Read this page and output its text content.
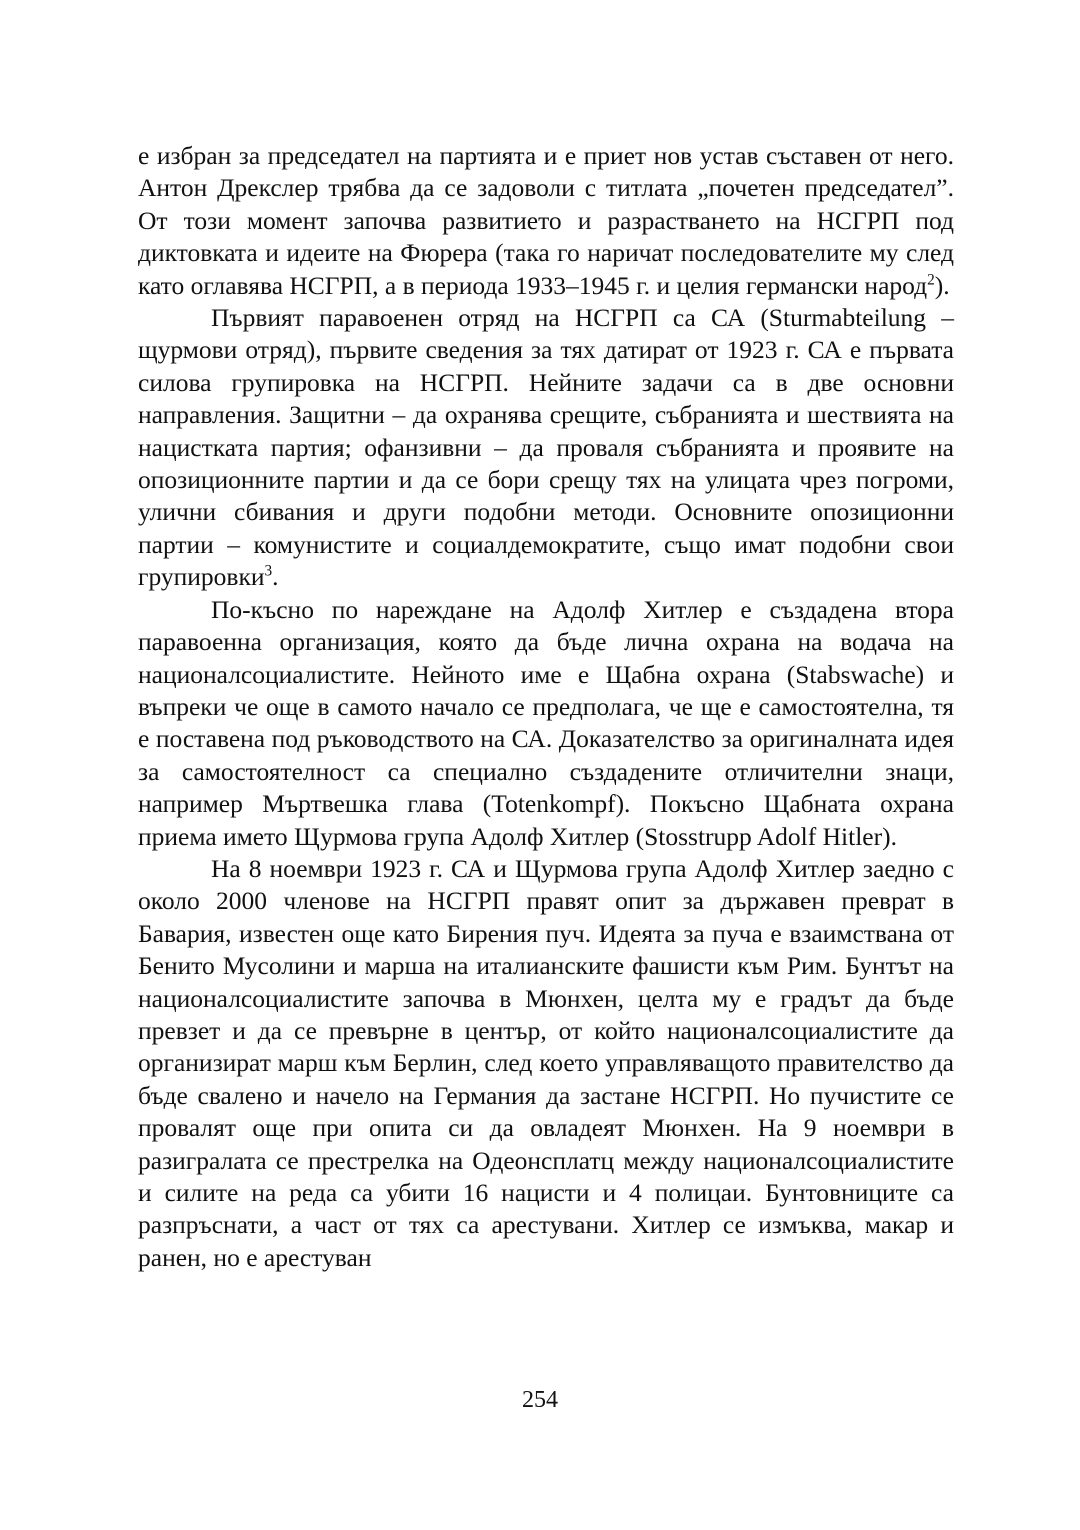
е избран за председател на партията и е приет нов устав съставен от него. Антон Дрекслер трябва да се задоволи с титлата „почетен председател”. От този момент започва развитието и разрастването на НСГРП под диктовката и идеите на Фюрера (така го наричат последователите му след като оглавява НСГРП, а в периода 1933–1945 г. и целия германски народ$^2$).

Първият паравоенен отряд на НСГРП са СА (Sturmabteilung – щурмови отряд), първите сведения за тях датират от 1923 г. СА е първата силова групировка на НСГРП. Нейните задачи са в две основни направления. Защитни – да охранява срещите, събранията и шествията на нацистката партия; офанзивни – да проваля събранията и проявите на опозиционните партии и да се бори срещу тях на улицата чрез погроми, улични сбивания и други подобни методи. Основните опозиционни партии – комунистите и социалдемократите, също имат подобни свои групировки$^3$.

По-късно по нареждане на Адолф Хитлер е създадена втора паравоенна организация, която да бъде лична охрана на водача на националсоциалистите. Нейното име е Щабна охрана (Stabswache) и въпреки че още в самото начало се предполага, че ще е самостоятелна, тя е поставена под ръководството на СА. Доказателство за оригиналната идея за самостоятелност са специално създадените отличителни знаци, например Мъртвешка глава (Totenkompf). Покъсно Щабната охрана приема името Щурмова група Адолф Хитлер (Stosstrupp Adolf Hitler).

На 8 ноември 1923 г. СА и Щурмова група Адолф Хитлер заедно с около 2000 членове на НСГРП правят опит за държавен преврат в Бавария, известен още като Бирения пуч. Идеята за пуча е взаимствана от Бенито Мусолини и марша на италианските фашисти към Рим. Бунтът на националсоциалистите започва в Мюнхен, целта му е градът да бъде превзет и да се превърне в център, от който националсоциалистите да организират марш към Берлин, след което управляващото правителство да бъде свалено и начело на Германия да застане НСГРП. Но пучистите се провалят още при опита си да овладеят Мюнхен. На 9 ноември в разигралата се престрелка на Одеонсплатц между националсоциалистите и силите на реда са убити 16 нацисти и 4 полицаи. Бунтовниците са разпръснати, а част от тях са арестувани. Хитлер се измъква, макар и ранен, но е арестуван

254
